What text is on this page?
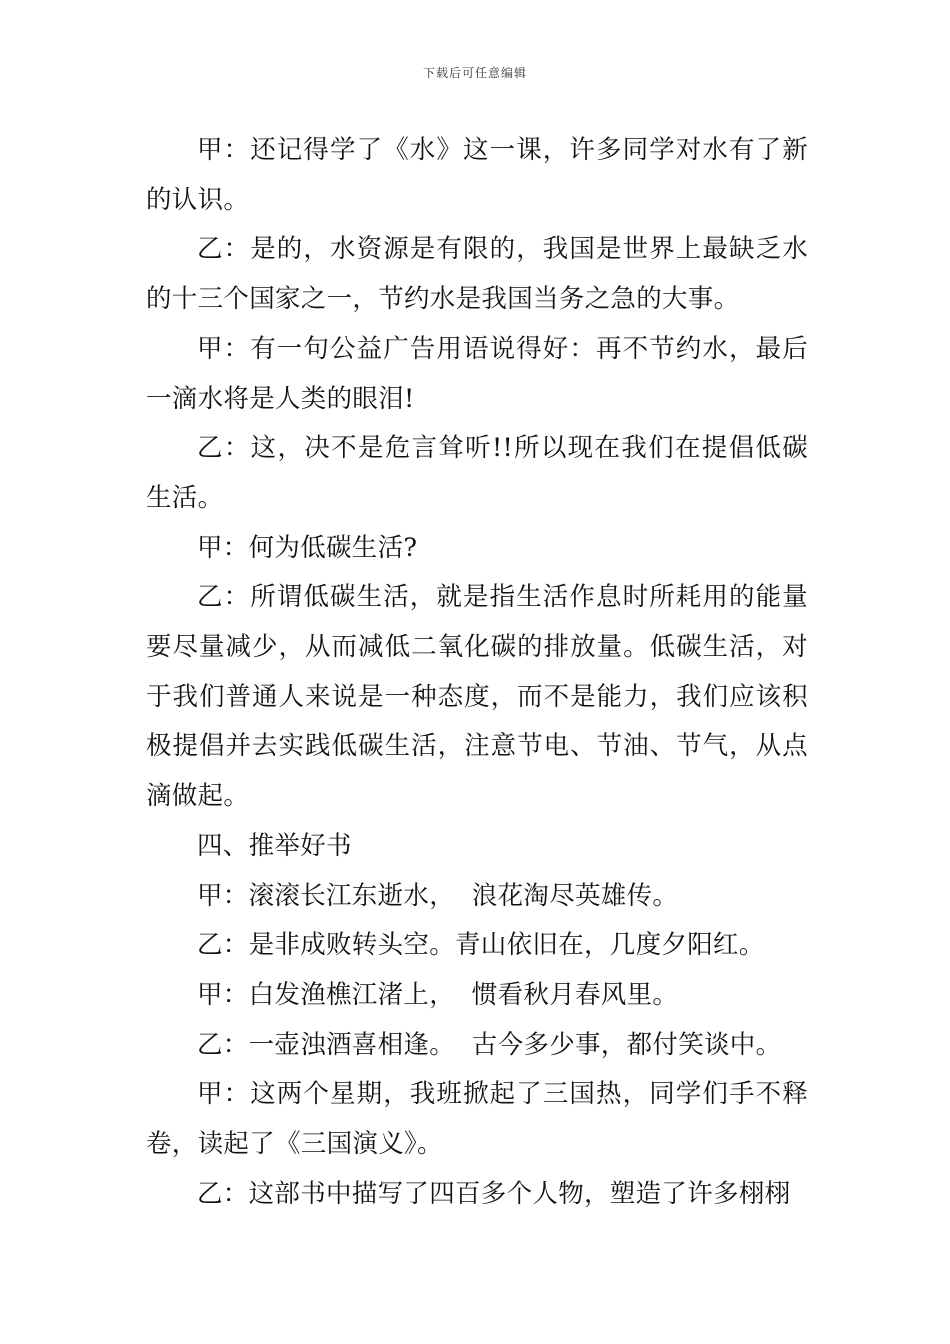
下载后可任意编辑

甲：还记得学了《水》这一课，许多同学对水有了新的认识。

乙：是的，水资源是有限的，我国是世界上最缺乏水的十三个国家之一，节约水是我国当务之急的大事。

甲：有一句公益广告用语说得好：再不节约水，最后一滴水将是人类的眼泪!

乙：这，决不是危言耸听!!所以现在我们在提倡低碳生活。

甲：何为低碳生活?

乙：所谓低碳生活，就是指生活作息时所耗用的能量要尽量减少，从而减低二氧化碳的排放量。低碳生活，对于我们普通人来说是一种态度，而不是能力，我们应该积极提倡并去实践低碳生活，注意节电、节油、节气，从点滴做起。

四、推举好书

甲：滚滚长江东逝水，  浪花淘尽英雄传。

乙：是非成败转头空。青山依旧在，几度夕阳红。

甲：白发渔樵江渚上，  惯看秋月春风里。

乙：一壶浊酒喜相逢。  古今多少事，都付笑谈中。

甲：这两个星期，我班掀起了三国热，同学们手不释卷，读起了《三国演义》。

乙：这部书中描写了四百多个人物，塑造了许多栩栩
